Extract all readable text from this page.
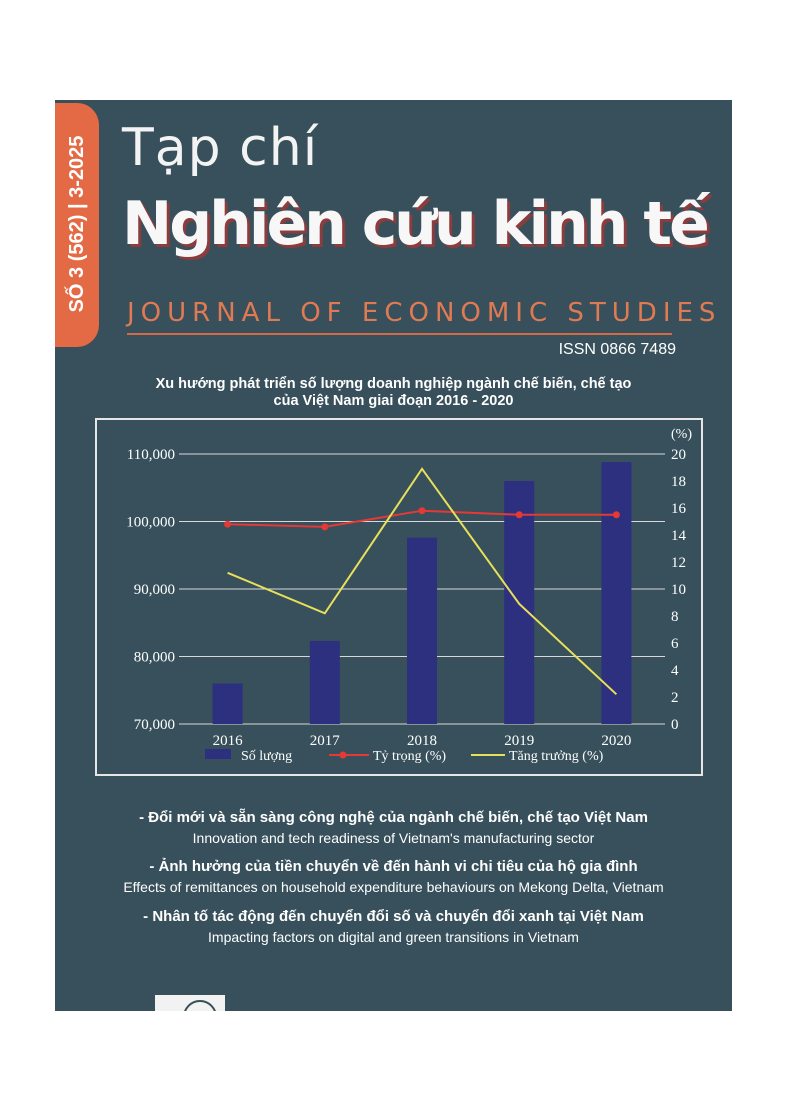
Tạp chí
Nghiên cứu kinh tế
JOURNAL OF ECONOMIC STUDIES
ISSN 0866 7489
Xu hướng phát triển số lượng doanh nghiệp ngành chế biến, chế tạo
của Việt Nam giai đoạn 2016 - 2020
110,000
100,000
90,000
80,000
70,000
20
18
16
14
12
10
8
6
4
2
0
(%)
2016	2017	2018	2019	2020
Số lượng	Tỷ trọng (%)	Tăng trưởng (%)
- Đổi mới và sẵn sàng công nghệ của ngành chế biến, chế tạo Việt Nam
Innovation and tech readiness of Vietnam's manufacturing sector
- Ảnh hưởng của tiền chuyển về đến hành vi chi tiêu của hộ gia đình
Effects of remittances on household expenditure behaviours on Mekong Delta, Vietnam
- Nhân tố tác động đến chuyển đổi số và chuyển đổi xanh tại Việt Nam
Impacting factors on digital and green transitions in Vietnam
SỐ 3 (562) | 3-2025
